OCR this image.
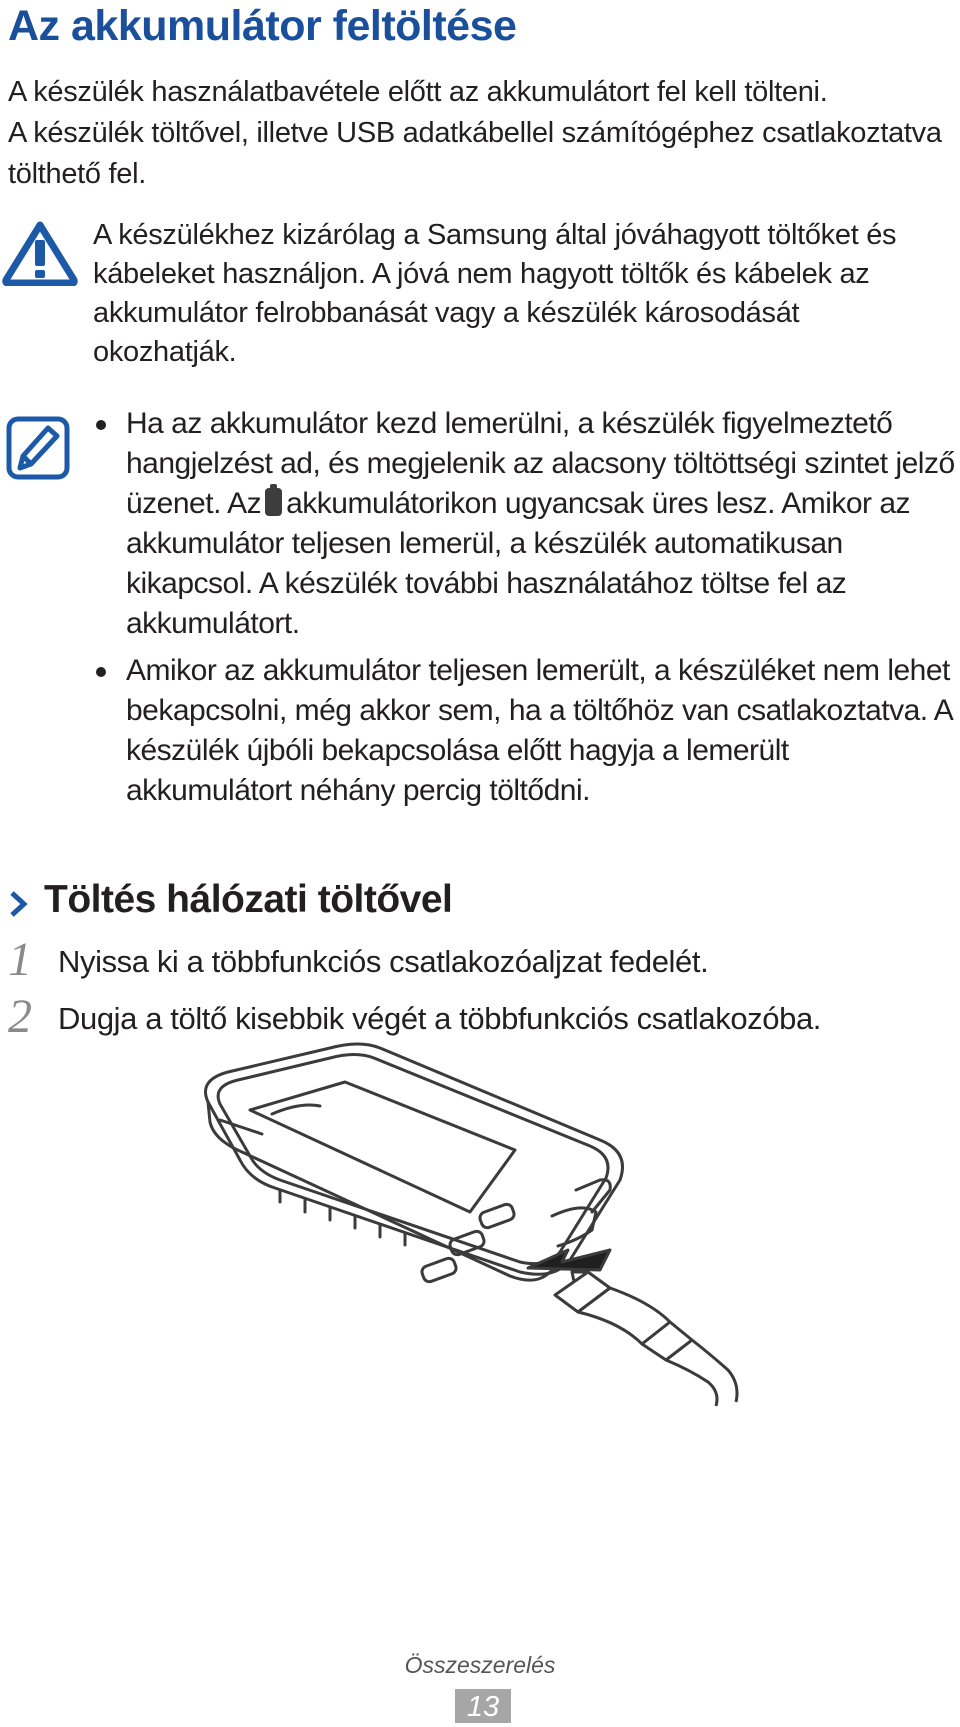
Az akkumulátor feltöltése

A készülék használatbavétele előtt az akkumulátort fel kell tölteni.

A készülék töltővel, illetve USB adatkábellel számítógéphez csatlakoztatva tölthető fel.

A készülékhez kizárólag a Samsung által jóváhagyott töltőket és kábeleket használjon. A jóvá nem hagyott töltők és kábelek az akkumulátor felrobbanását vagy a készülék károsodását okozhatják.

Ha az akkumulátor kezd lemerülni, a készülék figyelmeztető hangjelzést ad, és megjelenik az alacsony töltöttségi szintet jelző üzenet. Az akkumulátorikon ugyancsak üres lesz. Amikor az akkumulátor teljesen lemerül, a készülék automatikusan kikapcsol. A készülék további használatához töltse fel az akkumulátort.
Amikor az akkumulátor teljesen lemerült, a készüléket nem lehet bekapcsolni, még akkor sem, ha a töltőhöz van csatlakoztatva. A készülék újbóli bekapcsolása előtt hagyja a lemerült akkumulátort néhány percig töltődni.
Töltés hálózati töltővel
1 Nyissa ki a többfunkciós csatlakozóaljzat fedelét.
2 Dugja a töltő kisebbik végét a többfunkciós csatlakozóba.
Összeszerelés
13
